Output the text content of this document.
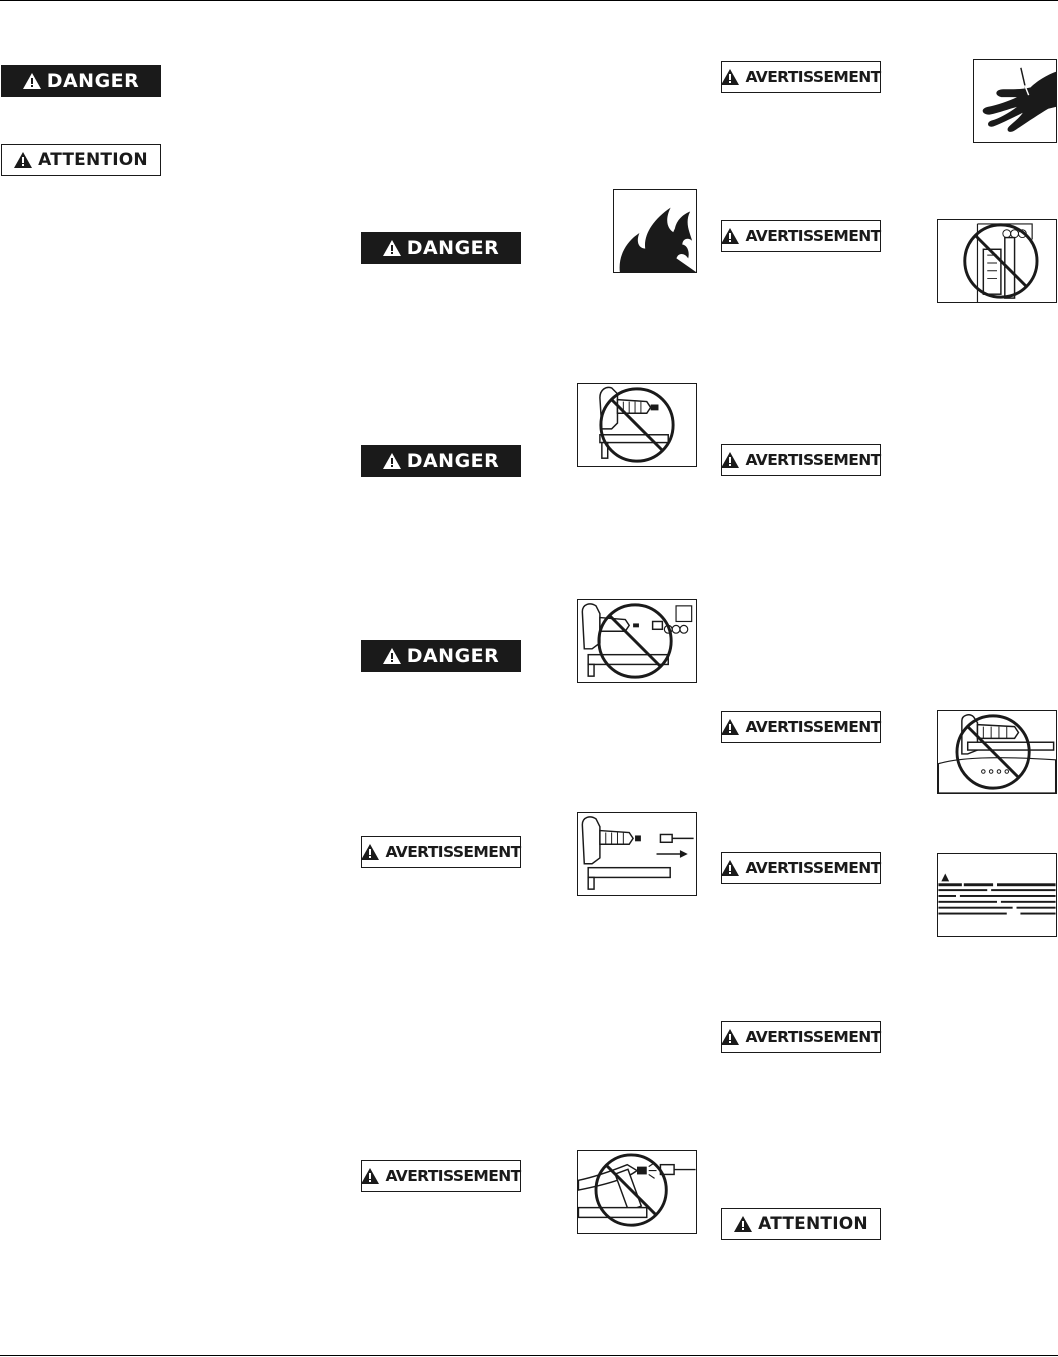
DANGER
ATTENTION
DANGER
DANGER
DANGER
AVERTISSEMENT
AVERTISSEMENT
AVERTISSEMENT
AVERTISSEMENT
AVERTISSEMENT
AVERTISSEMENT
AVERTISSEMENT
AVERTISSEMENT
ATTENTION
